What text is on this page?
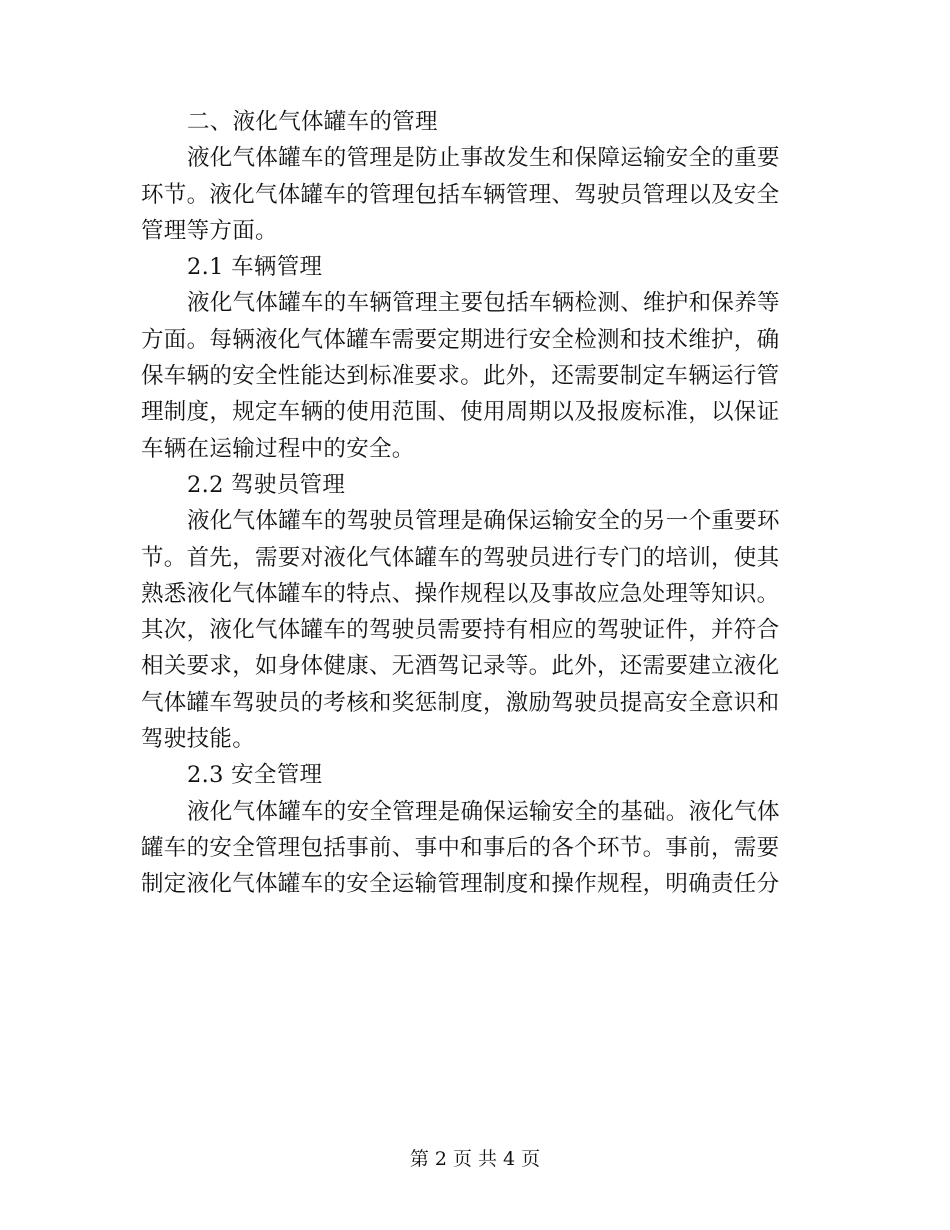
二、液化气体罐车的管理
液化气体罐车的管理是防止事故发生和保障运输安全的重要
环节。液化气体罐车的管理包括车辆管理、驾驶员管理以及安全
管理等方面。
2.1 车辆管理
液化气体罐车的车辆管理主要包括车辆检测、维护和保养等
方面。每辆液化气体罐车需要定期进行安全检测和技术维护，确
保车辆的安全性能达到标准要求。此外，还需要制定车辆运行管
理制度，规定车辆的使用范围、使用周期以及报废标准，以保证
车辆在运输过程中的安全。
2.2 驾驶员管理
液化气体罐车的驾驶员管理是确保运输安全的另一个重要环
节。首先，需要对液化气体罐车的驾驶员进行专门的培训，使其
熟悉液化气体罐车的特点、操作规程以及事故应急处理等知识。
其次，液化气体罐车的驾驶员需要持有相应的驾驶证件，并符合
相关要求，如身体健康、无酒驾记录等。此外，还需要建立液化
气体罐车驾驶员的考核和奖惩制度，激励驾驶员提高安全意识和
驾驶技能。
2.3 安全管理
液化气体罐车的安全管理是确保运输安全的基础。液化气体
罐车的安全管理包括事前、事中和事后的各个环节。事前，需要
制定液化气体罐车的安全运输管理制度和操作规程，明确责任分
第 2 页 共 4 页
